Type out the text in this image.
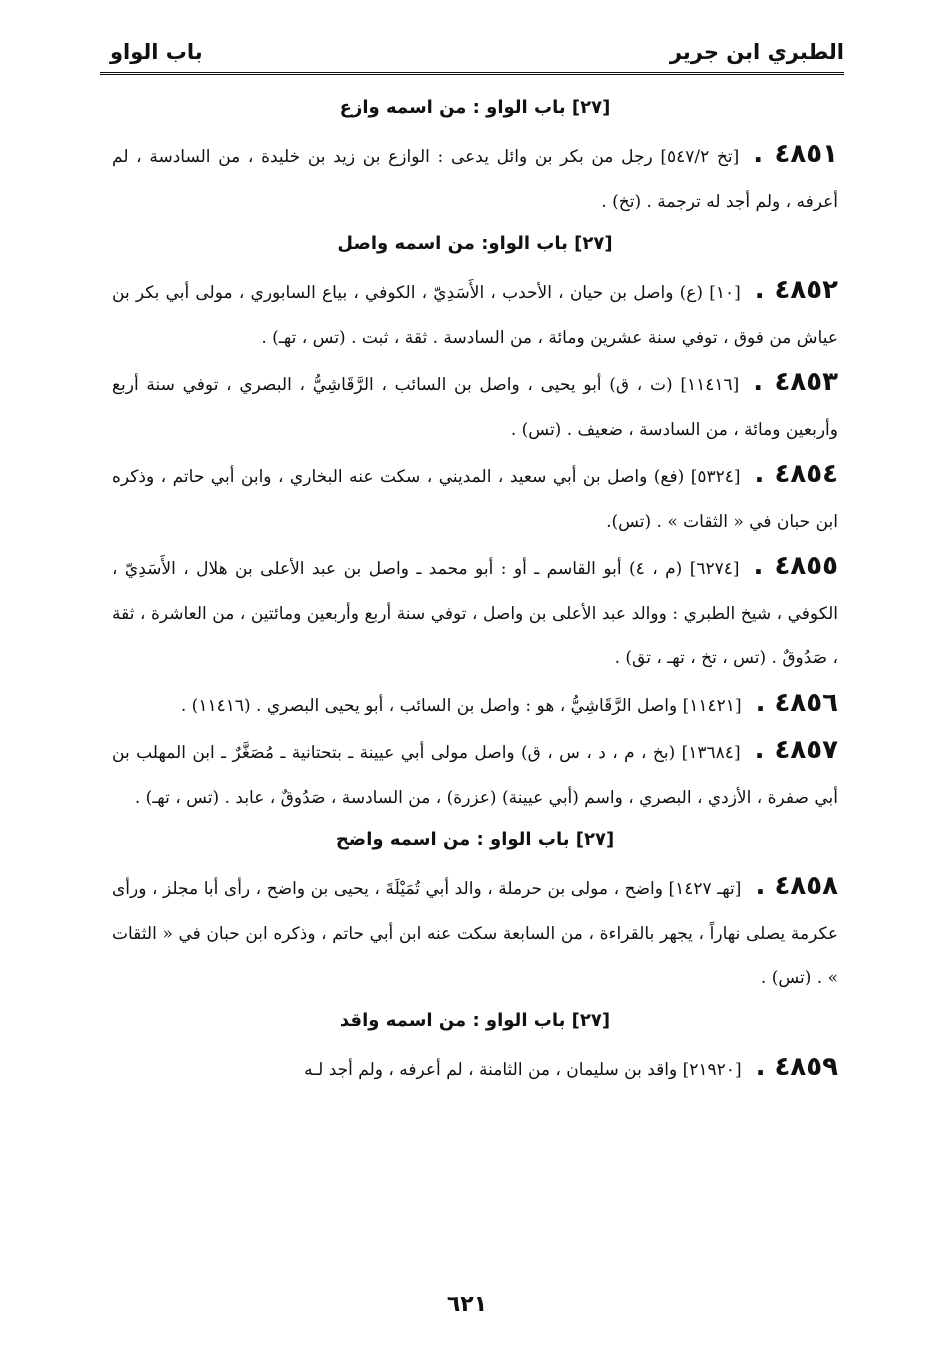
الطبري ابن جرير
باب الواو
[٢٧] باب الواو : من اسمه وازع

٤٨٥١ .[تخ ٥٤٧/٢] رجل من بكر بن وائل يدعى : الوازع بن زيد بن خليدة ، من السادسة ، لم أعرفه ، ولم أجد له ترجمة . (تخ) .

[٢٧] باب الواو: من اسمه واصل

٤٨٥٢ .[١٠] (ع) واصل بن حيان ، الأحدب ، الأَسَدِيّ ، الكوفي ، بياع السابوري ، مولى أبي بكر بن عياش من فوق ، توفي سنة عشرين ومائة ، من السادسة . ثقة ، ثبت . (تس ، تهـ) .

٤٨٥٣ .[١١٤١٦] (ت ، ق) أبو يحيى ، واصل بن السائب ، الرَّقَاشِيُّ ، البصري ، توفي سنة أربع وأربعين ومائة ، من السادسة ، ضعيف . (تس) .

٤٨٥٤ .[٥٣٢٤] (فع) واصل بن أبي سعيد ، المديني ، سكت عنه البخاري ، وابن أبي حاتم ، وذكره ابن حبان في « الثقات » . (تس).

٤٨٥٥ .[٦٢٧٤] (م ، ٤) أبو القاسم ـ أو : أبو محمد ـ واصل بن عبد الأعلى بن هلال ، الأَسَدِيّ ، الكوفي ، شيخ الطبري : ووالد عبد الأعلى بن واصل ، توفي سنة أربع وأربعين ومائتين ، من العاشرة ، ثقة ، صَدُوقٌ . (تس ، تخ ، تهـ ، تق) .

٤٨٥٦ .[١١٤٢١] واصل الرَّقَاشِيُّ ، هو : واصل بن السائب ، أبو يحيى البصري . (١١٤١٦) .

٤٨٥٧ .[١٣٦٨٤] (بخ ، م ، د ، س ، ق) واصل مولى أبي عيينة ـ بتحتانية ـ مُصَغَّرٌ ـ ابن المهلب بن أبي صفرة ، الأزدي ، البصري ، واسم (أبي عيينة) (عزرة) ، من السادسة ، صَدُوقٌ ، عابد . (تس ، تهـ) .

[٢٧] باب الواو : من اسمه واضح

٤٨٥٨ .[تهـ ١٤٢٧] واضح ، مولى بن حرملة ، والد أبي تُمَيْلَةَ ، يحيى بن واضح ، رأى أبا مجلز ، ورأى عكرمة يصلى نهاراً ، يجهر بالقراءة ، من السابعة سكت عنه ابن أبي حاتم ، وذكره ابن حبان في « الثقات » . (تس) .

[٢٧] باب الواو : من اسمه واقد

٤٨٥٩ .[٢١٩٢٠] واقد بن سليمان ، من الثامنة ، لم أعرفه ، ولم أجد لـه

٦٢١
